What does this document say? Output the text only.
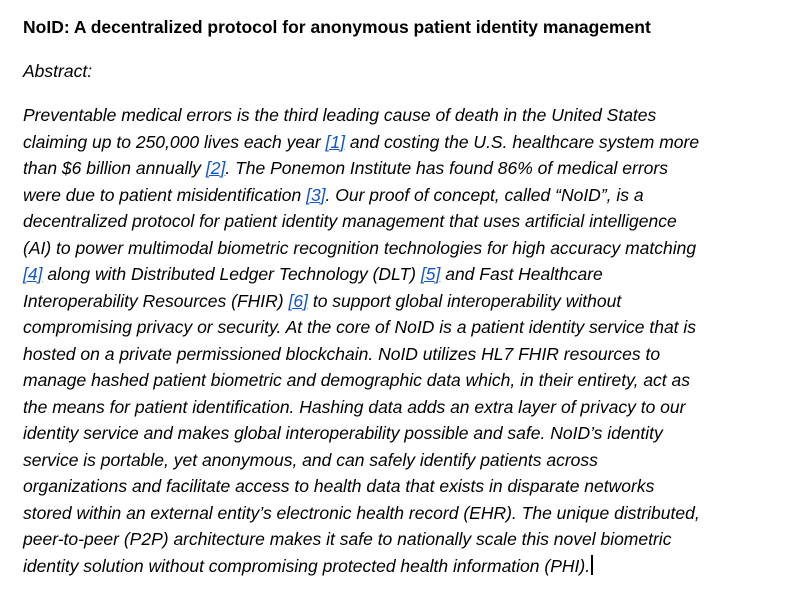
NoID: A decentralized protocol for anonymous patient identity management

Abstract:

Preventable medical errors is the third leading cause of death in the United States
claiming up to 250,000 lives each year [1] and costing the U.S. healthcare system more
than $6 billion annually [2]. The Ponemon Institute has found 86% of medical errors
were due to patient misidentification [3]. Our proof of concept, called “NoID”, is a
decentralized protocol for patient identity management that uses artificial intelligence
(AI) to power multimodal biometric recognition technologies for high accuracy matching
[4] along with Distributed Ledger Technology (DLT) [5] and Fast Healthcare
Interoperability Resources (FHIR) [6] to support global interoperability without
compromising privacy or security. At the core of NoID is a patient identity service that is
hosted on a private permissioned blockchain. NoID utilizes HL7 FHIR resources to
manage hashed patient biometric and demographic data which, in their entirety, act as
the means for patient identification. Hashing data adds an extra layer of privacy to our
identity service and makes global interoperability possible and safe. NoID’s identity
service is portable, yet anonymous, and can safely identify patients across
organizations and facilitate access to health data that exists in disparate networks
stored within an external entity’s electronic health record (EHR). The unique distributed,
peer-to-peer (P2P) architecture makes it safe to nationally scale this novel biometric
identity solution without compromising protected health information (PHI).
